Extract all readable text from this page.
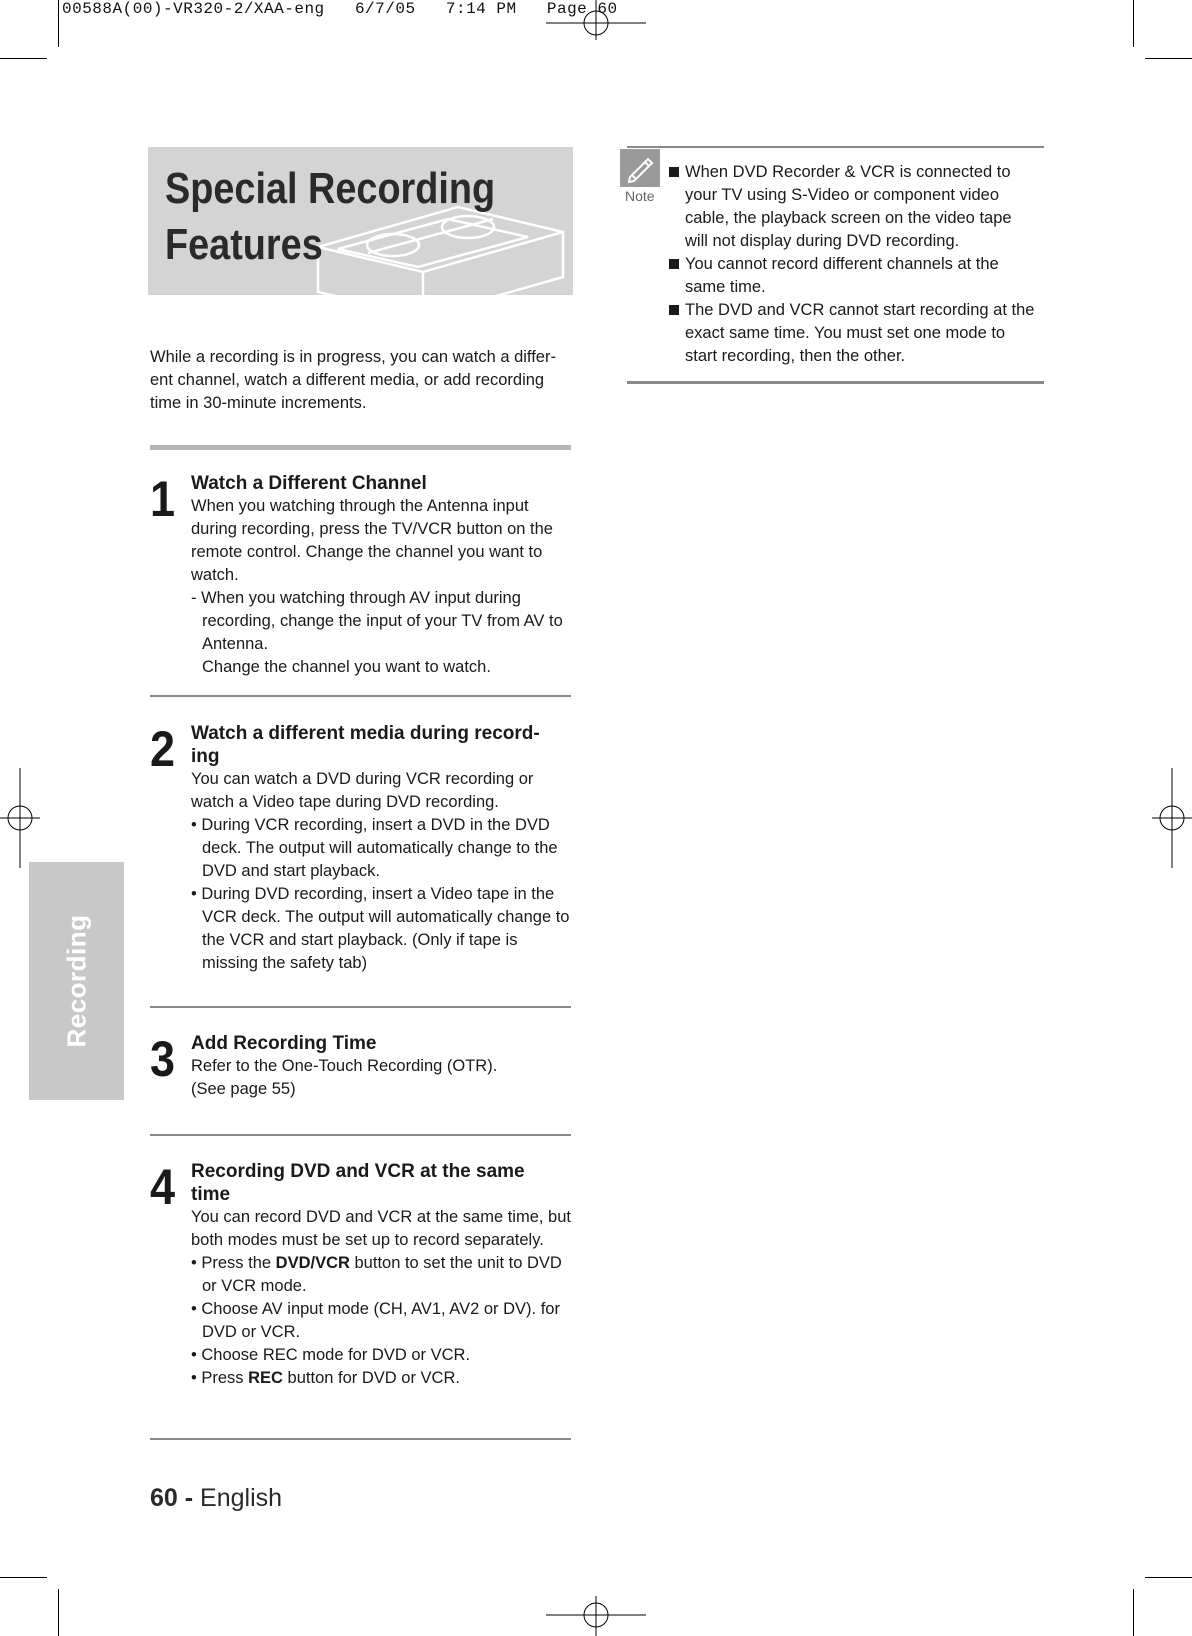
00588A(00)-VR320-2/XAA-eng   6/7/05   7:14 PM   Page 60
Recording
Special Recording
Features
While a recording is in progress, you can watch a differ-ent channel, watch a different media, or add recording time in 30-minute increments.
1 Watch a Different Channel
When you watching through the Antenna input during recording, press the TV/VCR button on the remote control. Change the channel you want to watch.
- When you watching through AV input during recording, change the input of your TV from AV to Antenna.
Change the channel you want to watch.
2 Watch a different media during record-ing
You can watch a DVD during VCR recording or watch a Video tape during DVD recording.
• During VCR recording, insert a DVD in the DVD deck. The output will automatically change to the DVD and start playback.
• During DVD recording, insert a Video tape in the VCR deck. The output will automatically change to the VCR and start playback. (Only if tape is missing the safety tab)
3 Add Recording Time
Refer to the One-Touch Recording (OTR).
(See page 55)
4 Recording DVD and VCR at the same time
You can record DVD and VCR at the same time, but both modes must be set up to record separately.
• Press the DVD/VCR button to set the unit to DVD or VCR mode.
• Choose AV input mode (CH, AV1, AV2 or DV). for DVD or VCR.
• Choose REC mode for DVD or VCR.
• Press REC button for DVD or VCR.
Note
When DVD Recorder & VCR is connected to your TV using S-Video or component video cable, the playback screen on the video tape will not display during DVD recording.
You cannot record different channels at the same time.
The DVD and VCR cannot start recording at the exact same time. You must set one mode to start recording, then the other.
60 - English
